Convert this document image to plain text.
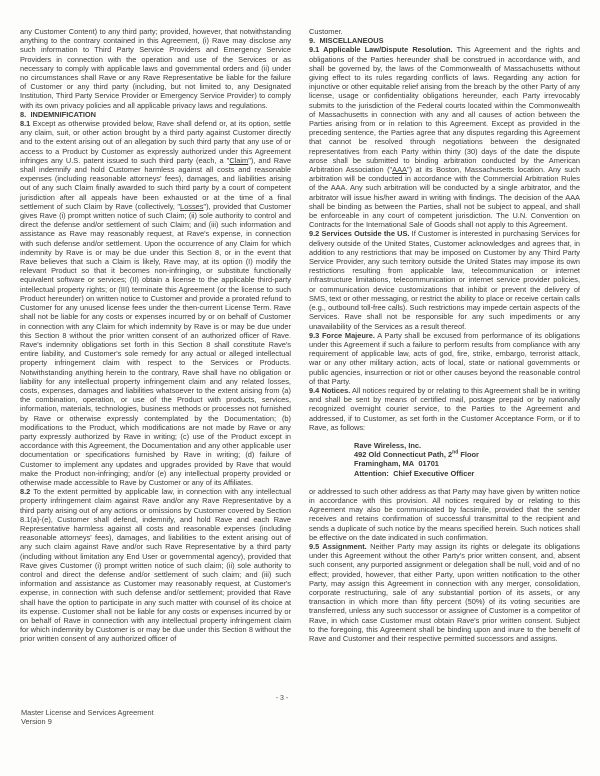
any Customer Content) to any third party; provided, however, that notwithstanding anything to the contrary contained in this Agreement, (i) Rave may disclose any such information to Third Party Service Providers and Emergency Service Providers in connection with the operation and use of the Services or as necessary to comply with applicable laws and governmental orders and (ii) under no circumstances shall Rave or any Rave Representative be liable for the failure of Customer or any third party (including, but not limited to, any Designated Institution, Third Party Service Provider or Emergency Service Provider) to comply with its own privacy policies and all applicable privacy laws and regulations.
8.  INDEMNIFICATION
8.1 Except as otherwise provided below, Rave shall defend or, at its option, settle any claim, suit, or other action brought by a third party against Customer directly and to the extent arising out of an allegation by such third party that any use of or access to a Product by Customer as expressly authorized under this Agreement infringes any U.S. patent issued to such third party (each, a "Claim"), and Rave shall indemnify and hold Customer harmless against all costs and reasonable expenses (including reasonable attorneys' fees), damages, and liabilities arising out of any such Claim finally awarded to such third party by a court of competent jurisdiction after all appeals have been exhausted or at the time of a final settlement of such Claim by Rave (collectively, "Losses"), provided that Customer gives Rave (i) prompt written notice of such Claim; (ii) sole authority to control and direct the defense and/or settlement of such Claim; and (iii) such information and assistance as Rave may reasonably request, at Rave's expense, in connection with such defense and/or settlement. Upon the occurrence of any Claim for which indemnity by Rave is or may be due under this Section 8, or in the event that Rave believes that such a Claim is likely, Rave may, at its option (I) modify the relevant Product so that it becomes non-infringing, or substitute functionally equivalent software or services; (II) obtain a license to the applicable third-party intellectual property rights; or (III) terminate this Agreement (or the license to such Product hereunder) on written notice to Customer and provide a prorated refund to Customer for any unused license fees under the then-current License Term. Rave shall not be liable for any costs or expenses incurred by or on behalf of Customer in connection with any Claim for which indemnity by Rave is or may be due under this Section 8 without the prior written consent of an authorized officer of Rave. Rave's indemnity obligations set forth in this Section 8 shall constitute Rave's entire liability, and Customer's sole remedy for any actual or alleged intellectual property infringement claim with respect to the Services or Products. Notwithstanding anything herein to the contrary, Rave shall have no obligation or liability for any intellectual property infringement claim and any related losses, costs, expenses, damages and liabilities whatsoever to the extent arising from (a) the combination, operation, or use of the Product with products, services, information, materials, technologies, business methods or processes not furnished by Rave or otherwise expressly contemplated by the Documentation; (b) modifications to the Product, which modifications are not made by Rave or any party expressly authorized by Rave in writing; (c) use of the Product except in accordance with this Agreement, the Documentation and any other applicable user documentation or specifications furnished by Rave in writing; (d) failure of Customer to implement any updates and upgrades provided by Rave that would make the Product non-infringing; and/or (e) any intellectual property provided or otherwise made accessible to Rave by Customer or any of its Affiliates.
8.2 To the extent permitted by applicable law, in connection with any intellectual property infringement claim against Rave and/or any Rave Representative by a third party arising out of any actions or omissions by Customer covered by Section 8.1(a)-(e), Customer shall defend, indemnify, and hold Rave and each Rave Representative harmless against all costs and reasonable expenses (including reasonable attorneys' fees), damages, and liabilities to the extent arising out of any such claim against Rave and/or such Rave Representative by a third party (including without limitation any End User or governmental agency), provided that Rave gives Customer (i) prompt written notice of such claim; (ii) sole authority to control and direct the defense and/or settlement of such claim; and (iii) such information and assistance as Customer may reasonably request, at Customer's expense, in connection with such defense and/or settlement; provided that Rave shall have the option to participate in any such matter with counsel of its choice at its expense. Customer shall not be liable for any costs or expenses incurred by or on behalf of Rave in connection with any intellectual property infringement claim for which indemnity by Customer is or may be due under this Section 8 without the prior written consent of any authorized officer of
Customer.
9.  MISCELLANEOUS
9.1 Applicable Law/Dispute Resolution. This Agreement and the rights and obligations of the Parties hereunder shall be construed in accordance with, and shall be governed by, the laws of the Commonwealth of Massachusetts without giving effect to its rules regarding conflicts of laws. Regarding any action for injunctive or other equitable relief arising from the breach by the other Party of any license, usage or confidentiality obligations hereunder, each Party irrevocably submits to the jurisdiction of the Federal courts located within the Commonwealth of Massachusetts in connection with any and all causes of action between the Parties arising from or in relation to this Agreement. Except as provided in the preceding sentence, the Parties agree that any disputes regarding this Agreement that cannot be resolved through negotiations between the designated representatives from each Party within thirty (30) days of the date the dispute arose shall be submitted to binding arbitration conducted by the American Arbitration Association ("AAA") at its Boston, Massachusetts location. Any such arbitration will be conducted in accordance with the Commercial Arbitration Rules of the AAA. Any such arbitration will be conducted by a single arbitrator, and the arbitrator will issue his/her award in writing with findings. The decision of the AAA shall be binding as between the Parties, shall not be subject to appeal, and shall be enforceable in any court of competent jurisdiction. The U.N. Convention on Contracts for the International Sale of Goods shall not apply to this Agreement.
9.2 Services Outside the US. If Customer is interested in purchasing Services for delivery outside of the United States, Customer acknowledges and agrees that, in addition to any restrictions that may be imposed on Customer by any Third Party Service Provider, any such territory outside the United States may impose its own restrictions resulting from applicable law, telecommunication or internet infrastructure limitations, telecommunication or internet service provider policies, or communication device customizations that inhibit or prevent the delivery of SMS, text or other messaging, or restrict the ability to place or receive certain calls (e.g., outbound toll-free calls). Such restrictions may impede certain aspects of the Services. Rave shall not be responsible for any such impediments or any unavailability of the Services as a result thereof.
9.3 Force Majeure. A Party shall be excused from performance of its obligations under this Agreement if such a failure to perform results from compliance with any requirement of applicable law, acts of god, fire, strike, embargo, terrorist attack, war or any other military action, acts of local, state or national governments or public agencies, insurrection or riot or other causes beyond the reasonable control of that Party.
9.4 Notices. All notices required by or relating to this Agreement shall be in writing and shall be sent by means of certified mail, postage prepaid or by nationally recognized overnight courier service, to the Parties to the Agreement and addressed, if to Customer, as set forth in the Customer Acceptance Form, or if to Rave, as follows:
Rave Wireless, Inc.
492 Old Connecticut Path, 2nd Floor
Framingham, MA  01701
Attention:  Chief Executive Officer
or addressed to such other address as that Party may have given by written notice in accordance with this provision. All notices required by or relating to this Agreement may also be communicated by facsimile, provided that the sender receives and retains confirmation of successful transmittal to the recipient and sends a duplicate of such notice by the means specified herein. Such notices shall be effective on the date indicated in such confirmation.
9.5 Assignment. Neither Party may assign its rights or delegate its obligations under this Agreement without the other Party's prior written consent, and, absent such consent, any purported assignment or delegation shall be null, void and of no effect; provided, however, that either Party, upon written notification to the other Party, may assign this Agreement in connection with any merger, consolidation, corporate restructuring, sale of any substantial portion of its assets, or any transaction in which more than fifty percent (50%) of its voting securities are transferred, unless any such successor or assignee of Customer is a competitor of Rave, in which case Customer must obtain Rave's prior written consent. Subject to the foregoing, this Agreement shall be binding upon and inure to the benefit of Rave and Customer and their respective permitted successors and assigns.
- 3 -
Master License and Services Agreement
Version 9
